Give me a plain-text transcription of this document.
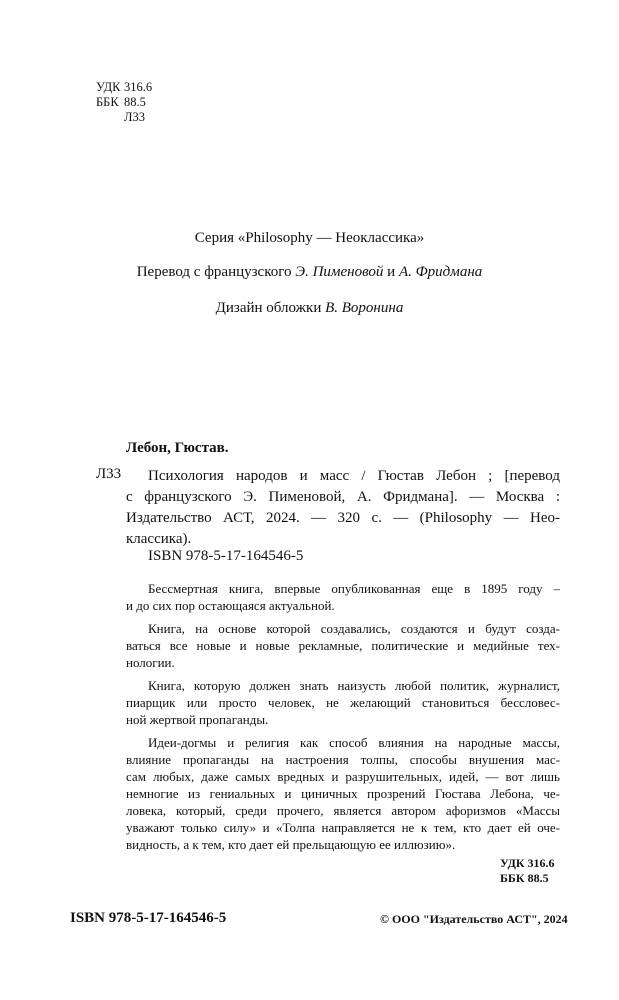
УДК 316.6
ББК 88.5
Л33
Серия «Philosophy — Неоклассика»
Перевод с французского Э. Пименовой и А. Фридмана
Дизайн обложки В. Воронина
Лебон, Гюстав.
Л33	Психология народов и масс / Гюстав Лебон ; [перевод
с французского Э. Пименовой, А. Фридмана]. — Москва :
Издательство АСТ, 2024. — 320 с. — (Philosophy — Нео-
классика).
ISBN 978-5-17-164546-5

Бессмертная книга, впервые опубликованная еще в 1895 году –
и до сих пор остающаяся актуальной.

Книга, на основе которой создавались, создаются и будут созда-
ваться все новые и новые рекламные, политические и медийные тех-
нологии.

Книга, которую должен знать наизусть любой политик, журналист,
пиарщик или просто человек, не желающий становиться бессловес-
ной жертвой пропаганды.

Идеи-догмы и религия как способ влияния на народные массы,
влияние пропаганды на настроения толпы, способы внушения мас-
сам любых, даже самых вредных и разрушительных, идей, — вот лишь
немногие из гениальных и циничных прозрений Гюстава Лебона, че-
ловека, который, среди прочего, является автором афоризмов «Массы
уважают только силу» и «Толпа направляется не к тем, кто дает ей оче-
видность, а к тем, кто дает ей прельщающую ее иллюзию».

УДК 316.6
ББК 88.5
ISBN 978-5-17-164546-5	© ООО "Издательство АСТ", 2024
